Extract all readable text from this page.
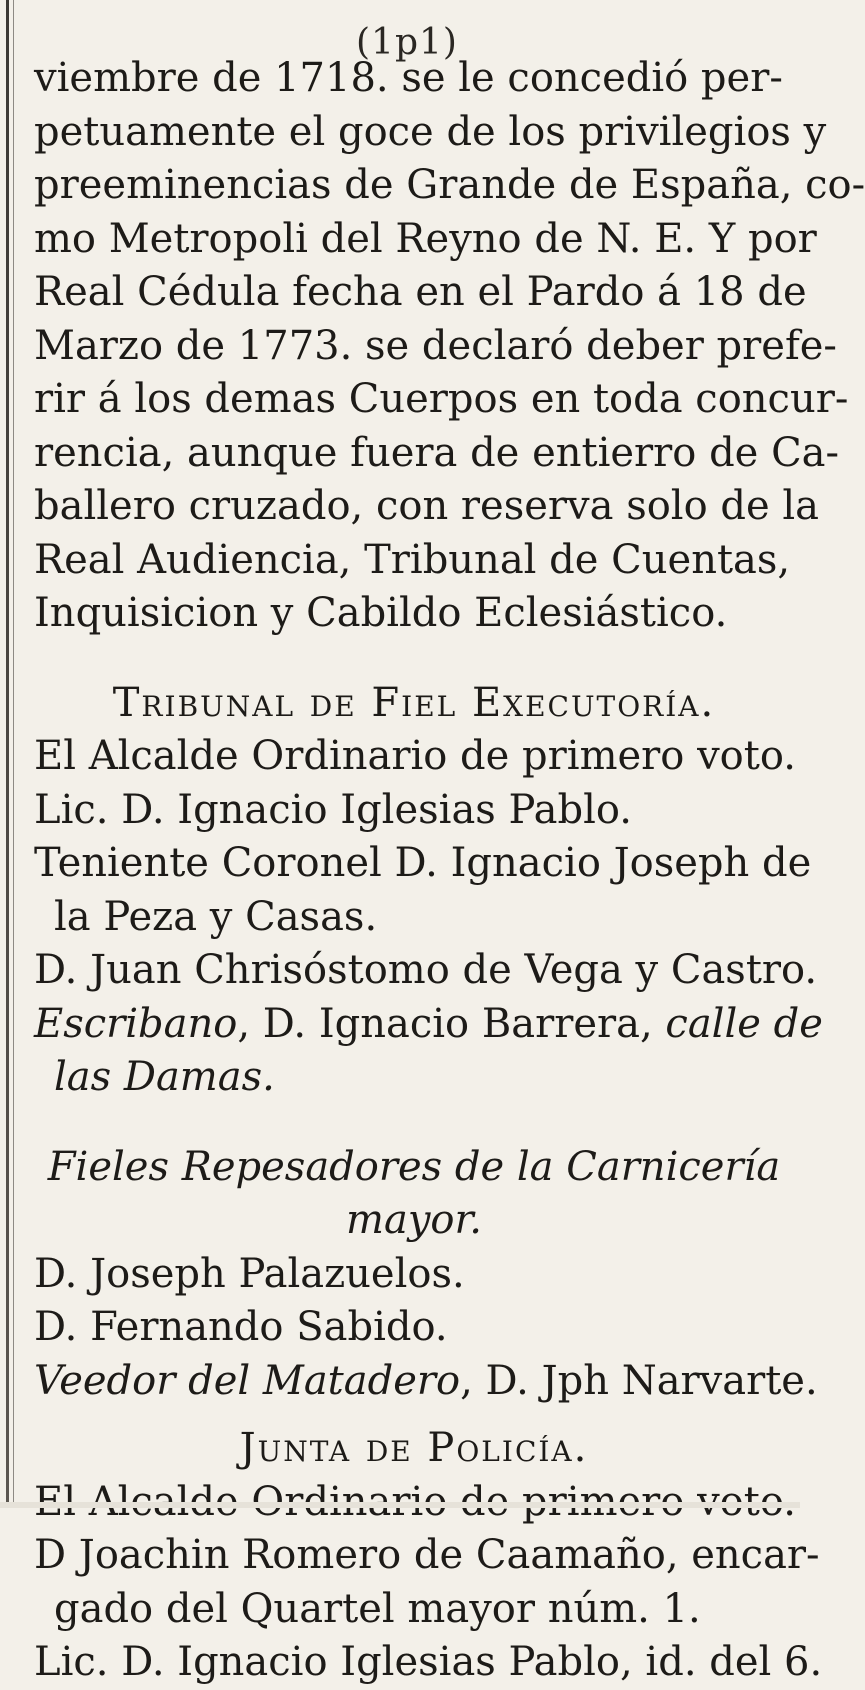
(1p1)
viembre de 1718. se le concedió per-
petuamente el goce de los privilegios y
preeminencias de Grande de España, co-
mo Metropoli del Reyno de N. E. Y por
Real Cédula fecha en el Pardo á 18 de
Marzo de 1773. se declaró deber prefe-
rir á los demas Cuerpos en toda concur-
rencia, aunque fuera de entierro de Ca-
ballero cruzado, con reserva solo de la
Real Audiencia, Tribunal de Cuentas,
Inquisicion y Cabildo Eclesiástico.
Tribunal de Fiel Executoría.
El Alcalde Ordinario de primero voto.
Lic. D. Ignacio Iglesias Pablo.
Teniente Coronel D. Ignacio Joseph de
la Peza y Casas.
D. Juan Chrisóstomo de Vega y Castro.
Escribano, D. Ignacio Barrera, calle de
las Damas.
Fieles Repesadores de la Carnicería
mayor.
D. Joseph Palazuelos.
D. Fernando Sabido.
Veedor del Matadero, D. Jph Narvarte.
Junta de Policía.
D Joachin Romero de Caamaño, encar-
gado del Quartel mayor núm. 1.
Lic. D. Ignacio Iglesias Pablo, id. del 6.
